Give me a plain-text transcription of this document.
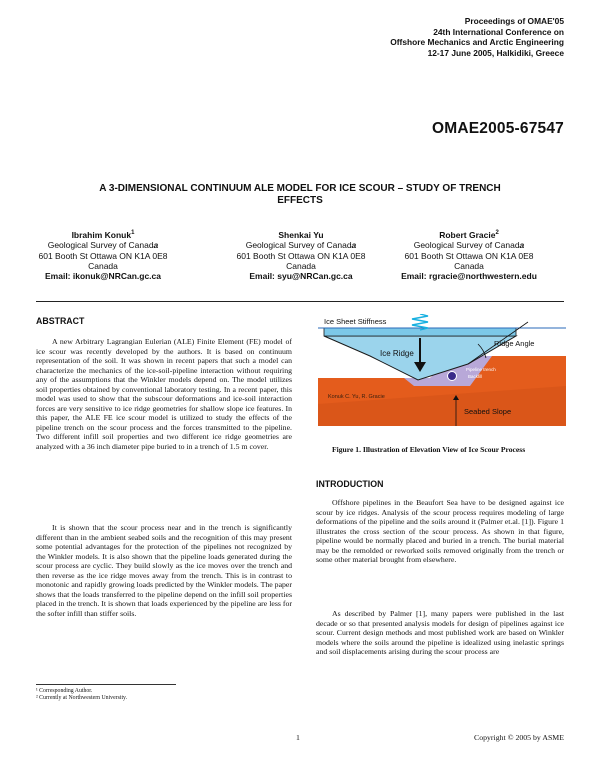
Proceedings of OMAE'05
24th International Conference on
Offshore Mechanics and Arctic Engineering
12-17 June 2005, Halkidiki, Greece
OMAE2005-67547
A 3-DIMENSIONAL CONTINUUM ALE MODEL FOR ICE SCOUR – STUDY OF TRENCH
EFFECTS
Ibrahim Konuk$^1$
Geological Survey of Canada
601 Booth St Ottawa ON K1A 0E8
Canada
Email: ikonuk@NRCan.gc.ca
Shenkai Yu
Geological Survey of Canada
601 Booth St Ottawa ON K1A 0E8
Canada
Email: syu@NRCan.gc.ca
Robert Gracie$^2$
Geological Survey of Canada
601 Booth St Ottawa ON K1A 0E8
Canada
Email: rgracie@northwestern.edu
ABSTRACT

A new Arbitrary Lagrangian Eulerian (ALE) Finite Element (FE) model of ice scour was recently developed by the authors. It is based on continuum representation of the soil. It was shown in recent papers that such a model can characterize the mechanics of the ice-soil-pipeline interaction without requiring any of the assumptions that the Winkler models depend on. The model utilizes soil properties obtained by conventional laboratory testing. In a recent paper, this model was used to show that the subscour deformations and ice-soil interaction forces are very sensitive to ice ridge geometries for shallow slope ice features. In this paper, the ALE FE ice scour model is utilized to study the effects of the pipeline trench on the scour process and the forces transmitted to the pipeline. Two different infill soil properties and two different ice ridge geometries are analyzed with a 36 inch diameter pipe buried to in a trench of 1.5 m cover.

It is shown that the scour process near and in the trench is significantly different than in the ambient seabed soils and the recognition of this may present some potential advantages for the protection of the pipelines not recognized by the Winkler models. It is also shown that the pipeline loads generated during the scour process are cyclic. They build slowly as the ice moves over the trench and then reverse as the ice ridge moves away from the trench. This is in contrast to monotonic and rapidly growing loads predicted by the Winkler models. The paper shows that the loads transferred to the pipeline depend on the infill soil properties placed in the trench. It is shown that loads experienced by the pipeline are less for the softer infill than stiffer soils.

¹ Corresponding Author.
² Currently at Northwestern University.
Ice Sheet Stiffness
Ice Ridge
Ridge Angle
Pipeline trench
Backfill
Konuk C. Yu, R. Gracie
Seabed Slope
Figure 1. Illustration of Elevation View of Ice Scour Process
INTRODUCTION

Offshore pipelines in the Beaufort Sea have to be designed against ice scour by ice ridges. Analysis of the scour process requires modeling of large deformations of the pipeline and the soils around it (Palmer et.al. [1]). Figure 1 illustrates the cross section of the scour process. As shown in that figure, pipeline would be normally placed and buried in a trench. The burial material may be the remolded or reworked soils removed originally from the trench or some other material brought from elsewhere.

As described by Palmer [1], many papers were published in the last decade or so that presented analysis models for design of pipelines against ice scour. Current design methods and most published work are based on Winkler models where the soils around the pipeline is idealized using inelastic springs and soil displacements arising during the scour process are

1	Copyright © 2005 by ASME
